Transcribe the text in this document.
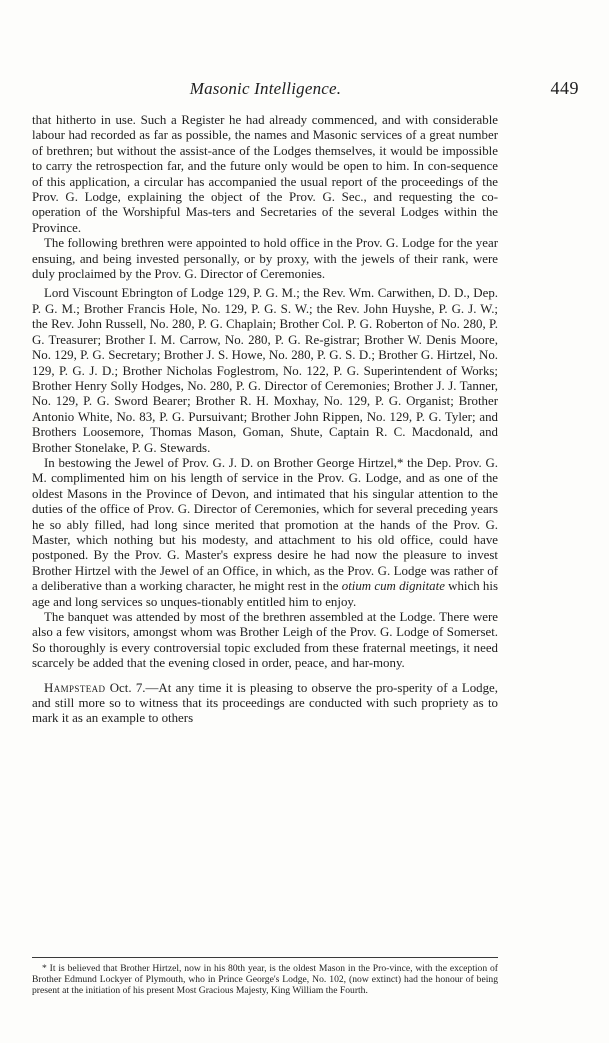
Masonic Intelligence.	449

that hitherto in use. Such a Register he had already commenced, and with considerable labour had recorded as far as possible, the names and Masonic services of a great number of brethren; but without the assist-ance of the Lodges themselves, it would be impossible to carry the retrospection far, and the future only would be open to him. In con-sequence of this application, a circular has accompanied the usual report of the proceedings of the Prov. G. Lodge, explaining the object of the Prov. G. Sec., and requesting the co-operation of the Worshipful Mas-ters and Secretaries of the several Lodges within the Province.

The following brethren were appointed to hold office in the Prov. G. Lodge for the year ensuing, and being invested personally, or by proxy, with the jewels of their rank, were duly proclaimed by the Prov. G. Director of Ceremonies.

Lord Viscount Ebrington of Lodge 129, P. G. M.; the Rev. Wm. Carwithen, D. D., Dep. P. G. M.; Brother Francis Hole, No. 129, P. G. S. W.; the Rev. John Huyshe, P. G. J. W.; the Rev. John Russell, No. 280, P. G. Chaplain; Brother Col. P. G. Roberton of No. 280, P. G. Treasurer; Brother I. M. Carrow, No. 280, P. G. Re-gistrar; Brother W. Denis Moore, No. 129, P. G. Secretary; Brother J. S. Howe, No. 280, P. G. S. D.; Brother G. Hirtzel, No. 129, P. G. J. D.; Brother Nicholas Foglestrom, No. 122, P. G. Superintendent of Works; Brother Henry Solly Hodges, No. 280, P. G. Director of Ceremonies; Brother J. J. Tanner, No. 129, P. G. Sword Bearer; Brother R. H. Moxhay, No. 129, P. G. Organist; Brother Antonio White, No. 83, P. G. Pursuivant; Brother John Rippen, No. 129, P. G. Tyler; and Brothers Loosemore, Thomas Mason, Goman, Shute, Captain R. C. Macdonald, and Brother Stonelake, P. G. Stewards.

In bestowing the Jewel of Prov. G. J. D. on Brother George Hirtzel,* the Dep. Prov. G. M. complimented him on his length of service in the Prov. G. Lodge, and as one of the oldest Masons in the Province of Devon, and intimated that his singular attention to the duties of the office of Prov. G. Director of Ceremonies, which for several preceding years he so ably filled, had long since merited that promotion at the hands of the Prov. G. Master, which nothing but his modesty, and attachment to his old office, could have postponed. By the Prov. G. Master's express desire he had now the pleasure to invest Brother Hirtzel with the Jewel of an Office, in which, as the Prov. G. Lodge was rather of a deliberative than a working character, he might rest in the otium cum dignitate which his age and long services so unques-tionably entitled him to enjoy.

The banquet was attended by most of the brethren assembled at the Lodge. There were also a few visitors, amongst whom was Brother Leigh of the Prov. G. Lodge of Somerset. So thoroughly is every controversial topic excluded from these fraternal meetings, it need scarcely be added that the evening closed in order, peace, and har-mony.

Hampstead Oct. 7.—At any time it is pleasing to observe the pro-sperity of a Lodge, and still more so to witness that its proceedings are conducted with such propriety as to mark it as an example to others

* It is believed that Brother Hirtzel, now in his 80th year, is the oldest Mason in the Pro-vince, with the exception of Brother Edmund Lockyer of Plymouth, who in Prince George's Lodge, No. 102, (now extinct) had the honour of being present at the initiation of his present Most Gracious Majesty, King William the Fourth.
